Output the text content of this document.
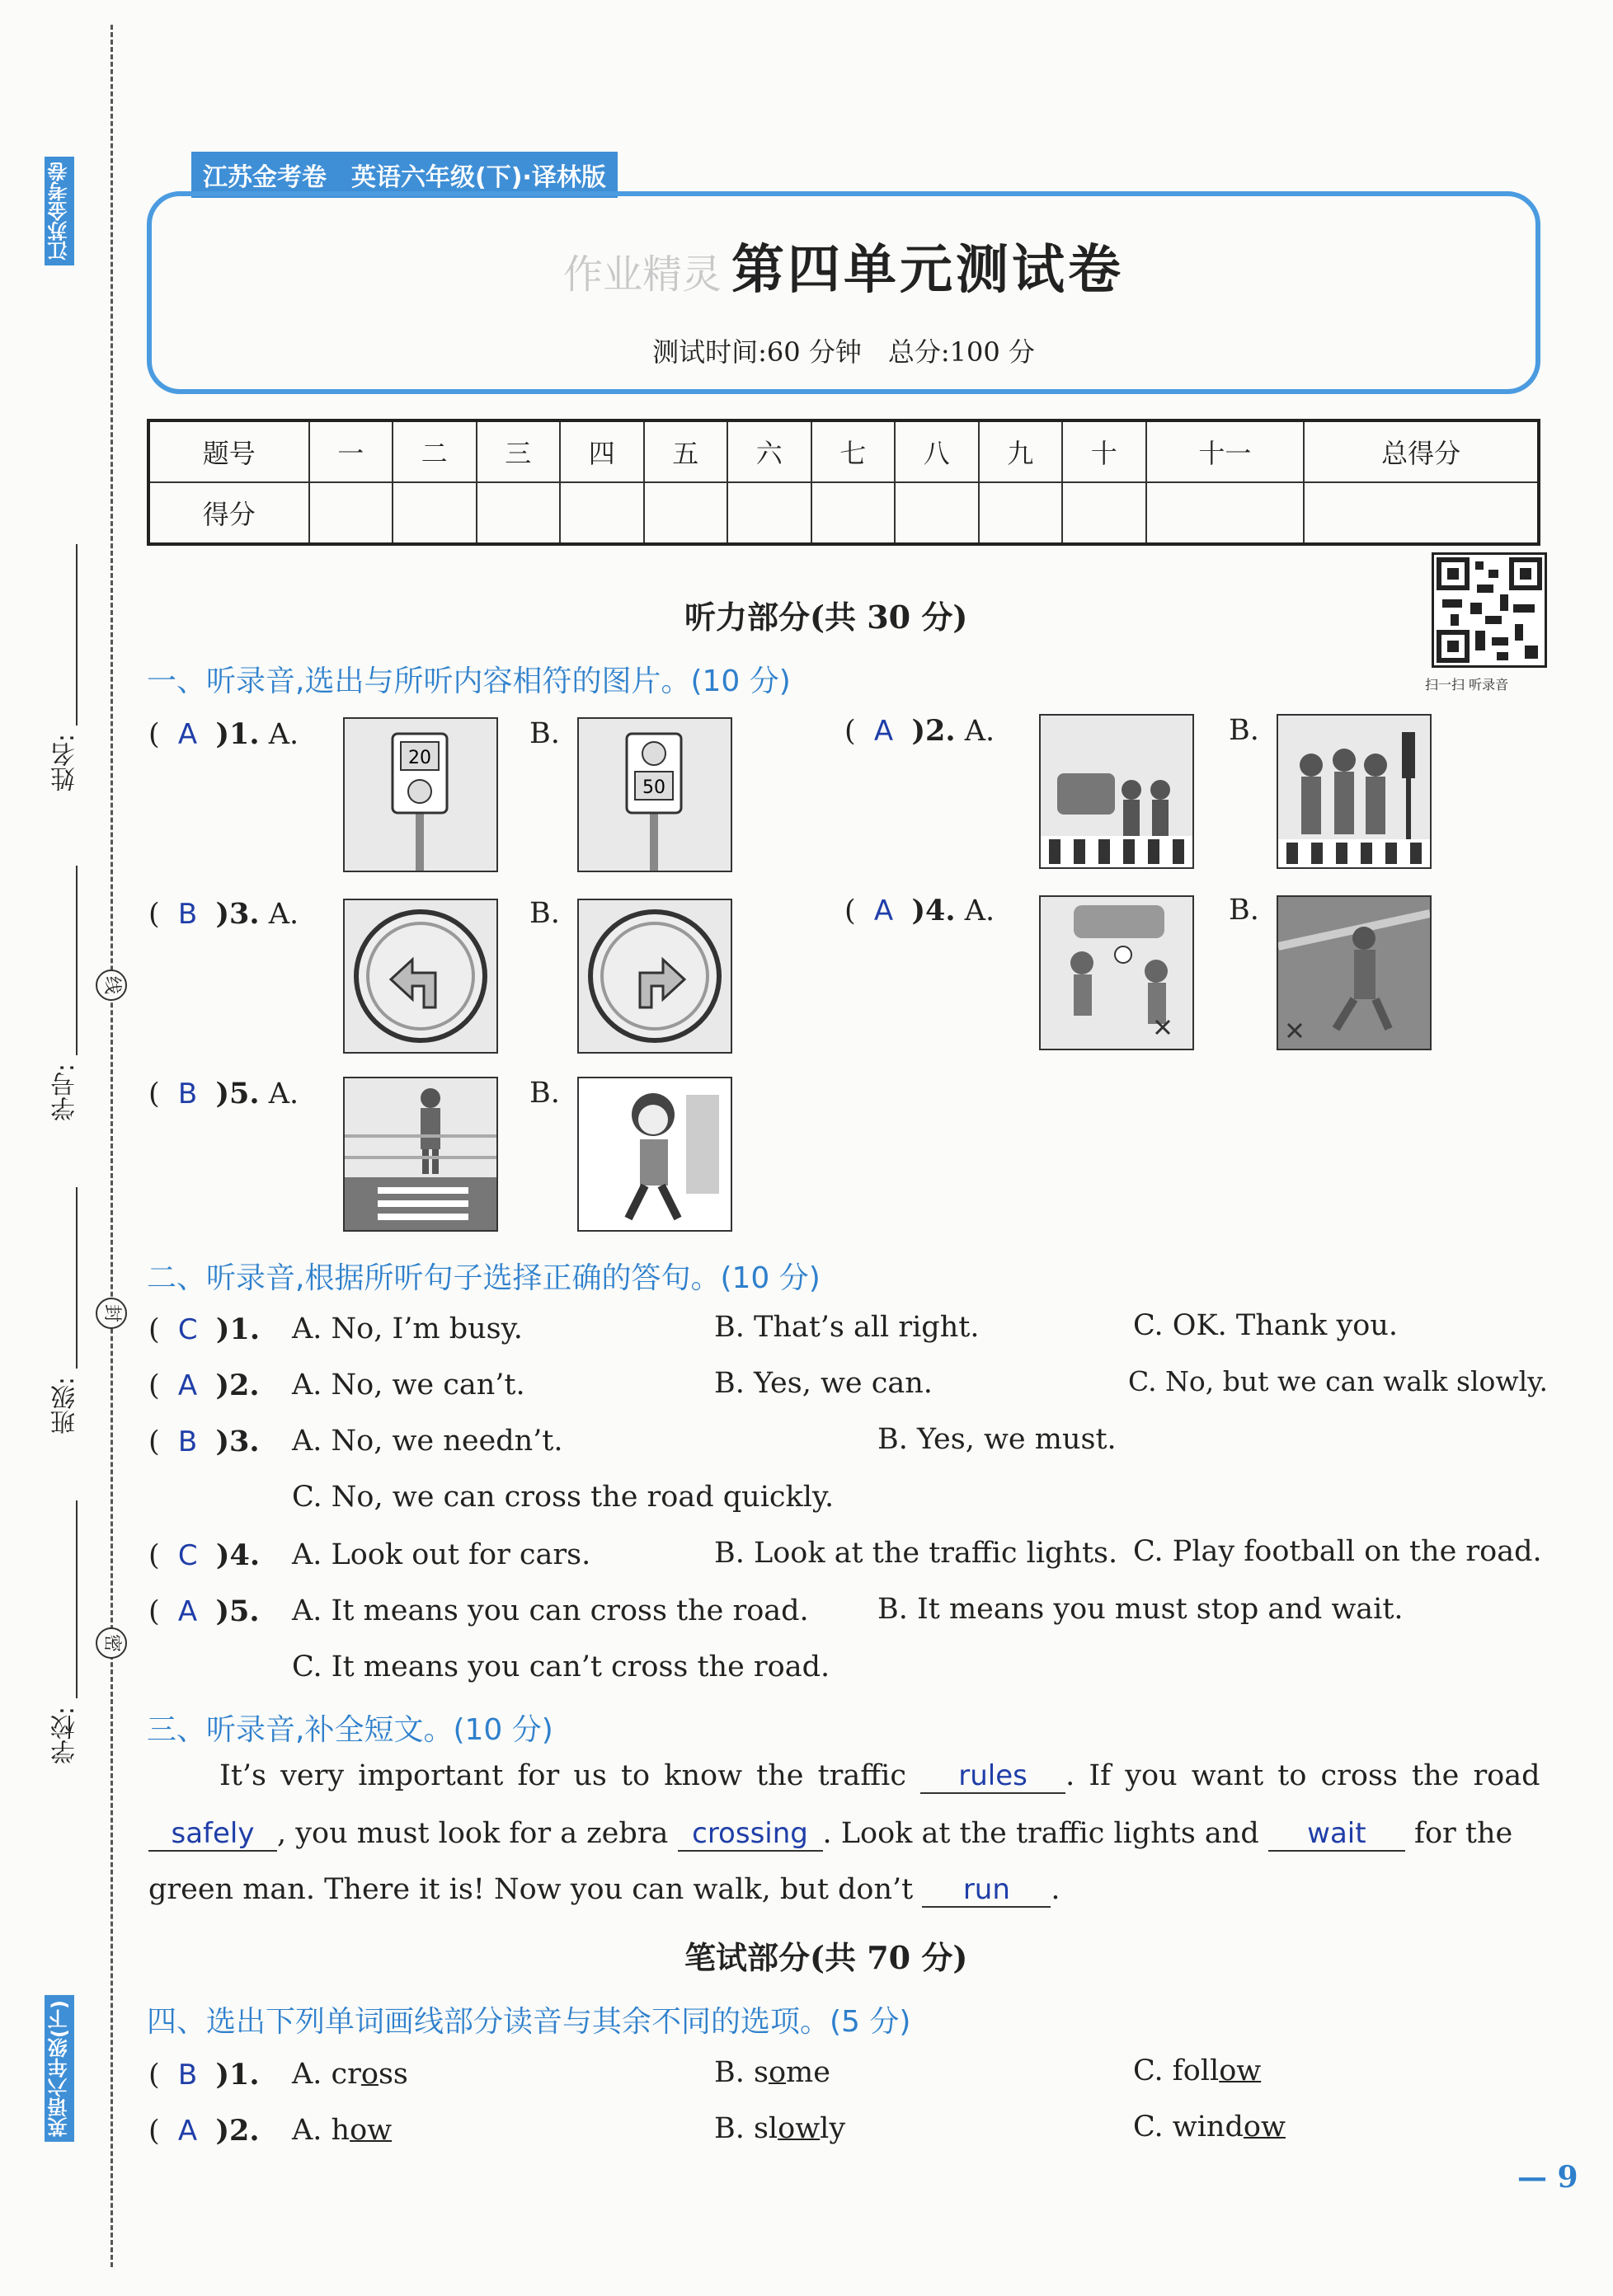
江苏金考卷
英语六年级(下)
姓名:
学号:
班级:
学校:
线
封
密
江苏金考卷　英语六年级(下)·译林版
作业精灵 第四单元测试卷
测试时间:60 分钟　总分:100 分
题号	一	二	三	四	五	六	七	八	九	十	十一	总得分
得分												
听力部分(共 30 分)
扫一扫 听录音
一、听录音,选出与所听内容相符的图片。(10 分)
(  A )1. A.
20
B.
50
(  A )2. A.	B.
(  B )3. A.	B.	(  A )4. A.	B.
(  B )5. A.	B.
二、听录音,根据所听句子选择正确的答句。(10 分)
(  C )1. A. No, I’m busy.	B. That’s all right.	C. OK. Thank you.
(  A )2. A. No, we can’t.	B. Yes, we can.	C. No, but we can walk slowly.
(  B )3. A. No, we needn’t.	B. Yes, we must.
C. No, we can cross the road quickly.
(  C )4. A. Look out for cars.	B. Look at the traffic lights. C. Play football on the road.
(  A )5. A. It means you can cross the road. B. It means you must stop and wait.
C. It means you can’t cross the road.
三、听录音,补全短文。(10 分)
It’s very important for us to know the traffic rules . If you want to cross the road
safely , you must look for a zebra crossing . Look at the traffic lights and wait for the
green man. There it is! Now you can walk, but don’t run .
笔试部分(共 70 分)
四、选出下列单词画线部分读音与其余不同的选项。(5 分)
(  B )1. A. cross	B. some	C. follow
(  A )2. A. how	B. slowly	C. window
— 9
